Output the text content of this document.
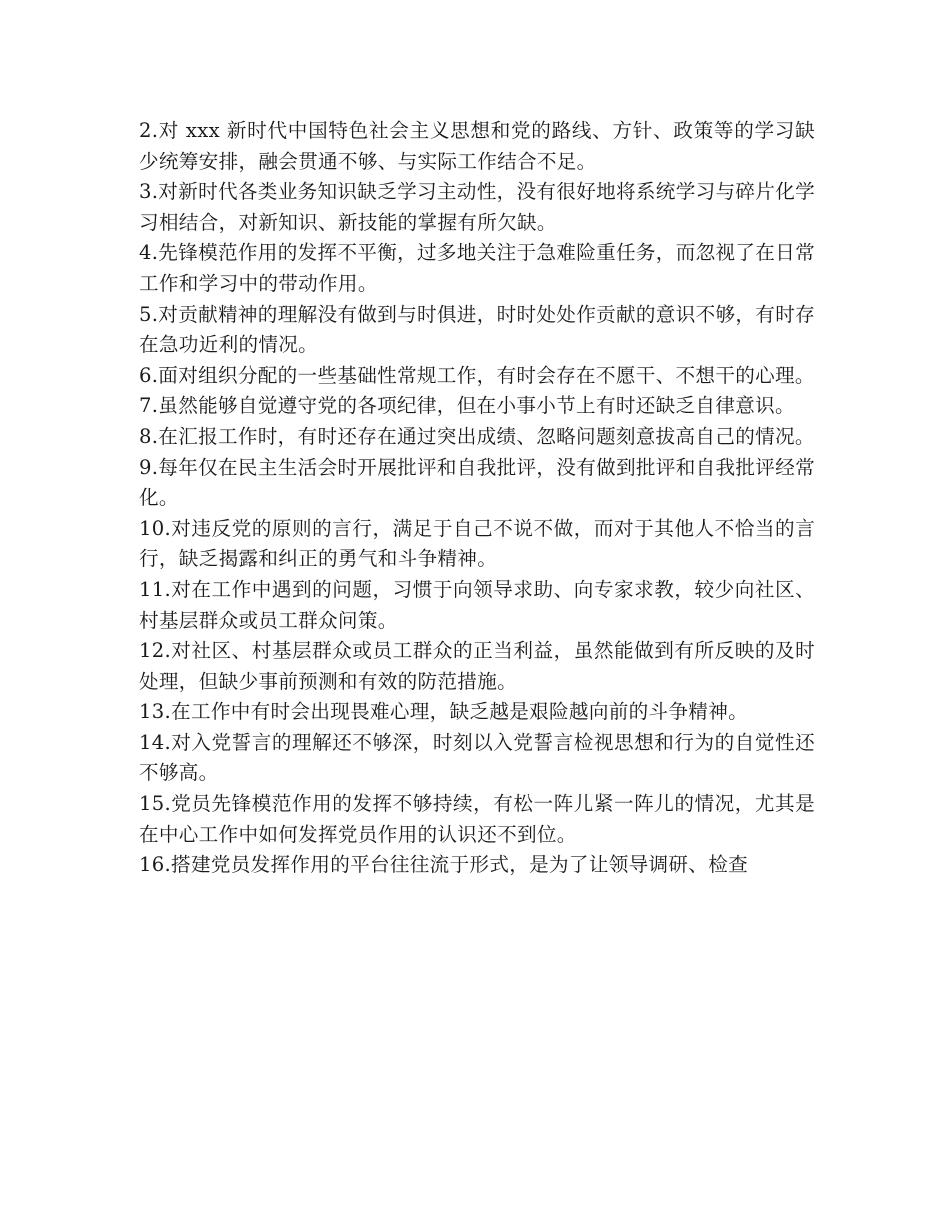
2.对 xxx 新时代中国特色社会主义思想和党的路线、方针、政策等的学习缺少统筹安排，融会贯通不够、与实际工作结合不足。

3.对新时代各类业务知识缺乏学习主动性，没有很好地将系统学习与碎片化学习相结合，对新知识、新技能的掌握有所欠缺。

4.先锋模范作用的发挥不平衡，过多地关注于急难险重任务，而忽视了在日常工作和学习中的带动作用。

5.对贡献精神的理解没有做到与时俱进，时时处处作贡献的意识不够，有时存在急功近利的情况。

6.面对组织分配的一些基础性常规工作，有时会存在不愿干、不想干的心理。

7.虽然能够自觉遵守党的各项纪律，但在小事小节上有时还缺乏自律意识。

8.在汇报工作时，有时还存在通过突出成绩、忽略问题刻意拔高自己的情况。

9.每年仅在民主生活会时开展批评和自我批评，没有做到批评和自我批评经常化。

10.对违反党的原则的言行，满足于自己不说不做，而对于其他人不恰当的言行，缺乏揭露和纠正的勇气和斗争精神。

11.对在工作中遇到的问题，习惯于向领导求助、向专家求教，较少向社区、村基层群众或员工群众问策。

12.对社区、村基层群众或员工群众的正当利益，虽然能做到有所反映的及时处理，但缺少事前预测和有效的防范措施。

13.在工作中有时会出现畏难心理，缺乏越是艰险越向前的斗争精神。

14.对入党誓言的理解还不够深，时刻以入党誓言检视思想和行为的自觉性还不够高。

15.党员先锋模范作用的发挥不够持续，有松一阵儿紧一阵儿的情况，尤其是在中心工作中如何发挥党员作用的认识还不到位。

16.搭建党员发挥作用的平台往往流于形式，是为了让领导调研、检查
